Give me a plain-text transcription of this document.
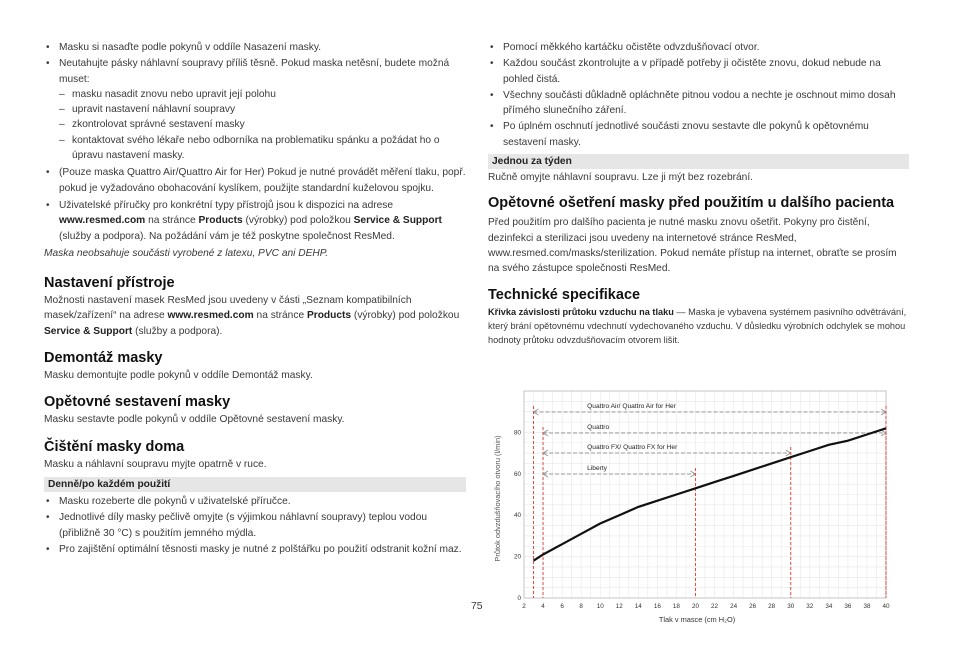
• Masku si nasaďte podle pokynů v oddíle Nasazení masky.
• Neutahujte pásky náhlavní soupravy příliš těsně. Pokud maska netěsní, budete možná muset:
– masku nasadit znovu nebo upravit její polohu
– upravit nastavení náhlavní soupravy
– zkontrolovat správné sestavení masky
– kontaktovat svého lékaře nebo odborníka na problematiku spánku a požádat ho o úpravu nastavení masky.
• (Pouze maska Quattro Air/Quattro Air for Her) Pokud je nutné provádět měření tlaku, popř. pokud je vyžadováno obohacování kyslíkem, použijte standardní kuželovou spojku.
• Uživatelské příručky pro konkrétní typy přístrojů jsou k dispozici na adrese www.resmed.com na stránce Products (výrobky) pod položkou Service & Support (služby a podpora). Na požádání vám je též poskytne společnost ResMed.

Maska neobsahuje součásti vyrobené z latexu, PVC ani DEHP.

Nastavení přístroje

Možnosti nastavení masek ResMed jsou uvedeny v části „Seznam kompatibilních masek/zařízení“ na adrese www.resmed.com na stránce Products (výrobky) pod položkou Service & Support (služby a podpora).

Demontáž masky

Masku demontujte podle pokynů v oddíle Demontáž masky.

Opětovné sestavení masky

Masku sestavte podle pokynů v oddíle Opětovné sestavení masky.

Čištění masky doma

Masku a náhlavní soupravu myjte opatrně v ruce.

Denně/po každém použití
• Masku rozeberte dle pokynů v uživatelské příručce.
• Jednotlivé díly masky pečlivě omyjte (s výjimkou náhlavní soupravy) teplou vodou (přibližně 30 °C) s použitím jemného mýdla.
• Pro zajištění optimální těsnosti masky je nutné z polštářku po použití odstranit kožní maz.
• Pomocí měkkého kartáčku očistěte odvzdušňovací otvor.
• Každou součást zkontrolujte a v případě potřeby ji očistěte znovu, dokud nebude na pohled čistá.
• Všechny součásti důkladně opláchněte pitnou vodou a nechte je oschnout mimo dosah přímého slunečního záření.
• Po úplném oschnutí jednotlivé součásti znovu sestavte dle pokynů k opětovnému sestavení masky.
Jednou za týden

Ručně omyjte náhlavní soupravu. Lze ji mýt bez rozebrání.

Opětovné ošetření masky před použitím u dalšího pacienta

Před použitím pro dalšího pacienta je nutné masku znovu ošetřit. Pokyny pro čistění, dezinfekci a sterilizaci jsou uvedeny na internetové stránce ResMed, www.resmed.com/masks/sterilization. Pokud nemáte přístup na internet, obraťte se prosím na svého zástupce společnosti ResMed.

Technické specifikace

Křivka závislosti průtoku vzduchu na tlaku — Maska je vybavena systémem pasivního odvětrávání, který brání opětovnému vdechnutí vydechovaného vzduchu. V důsledku výrobních odchylek se mohou hodnoty průtoku odvzdušňovacím otvorem lišit.

2 4 6 8 10 12 14 16 18 20 22 24 26 28 30 32 34 36 38 40
0
20
40
60
80
Tlak v masce (cm H₂O)
Průtok odvzdušňovacího otvoru (l/min)
Quattro Air/ Quattro Air for Her
Quattro
Quattro FX/ Quattro FX for Her
Liberty
75
